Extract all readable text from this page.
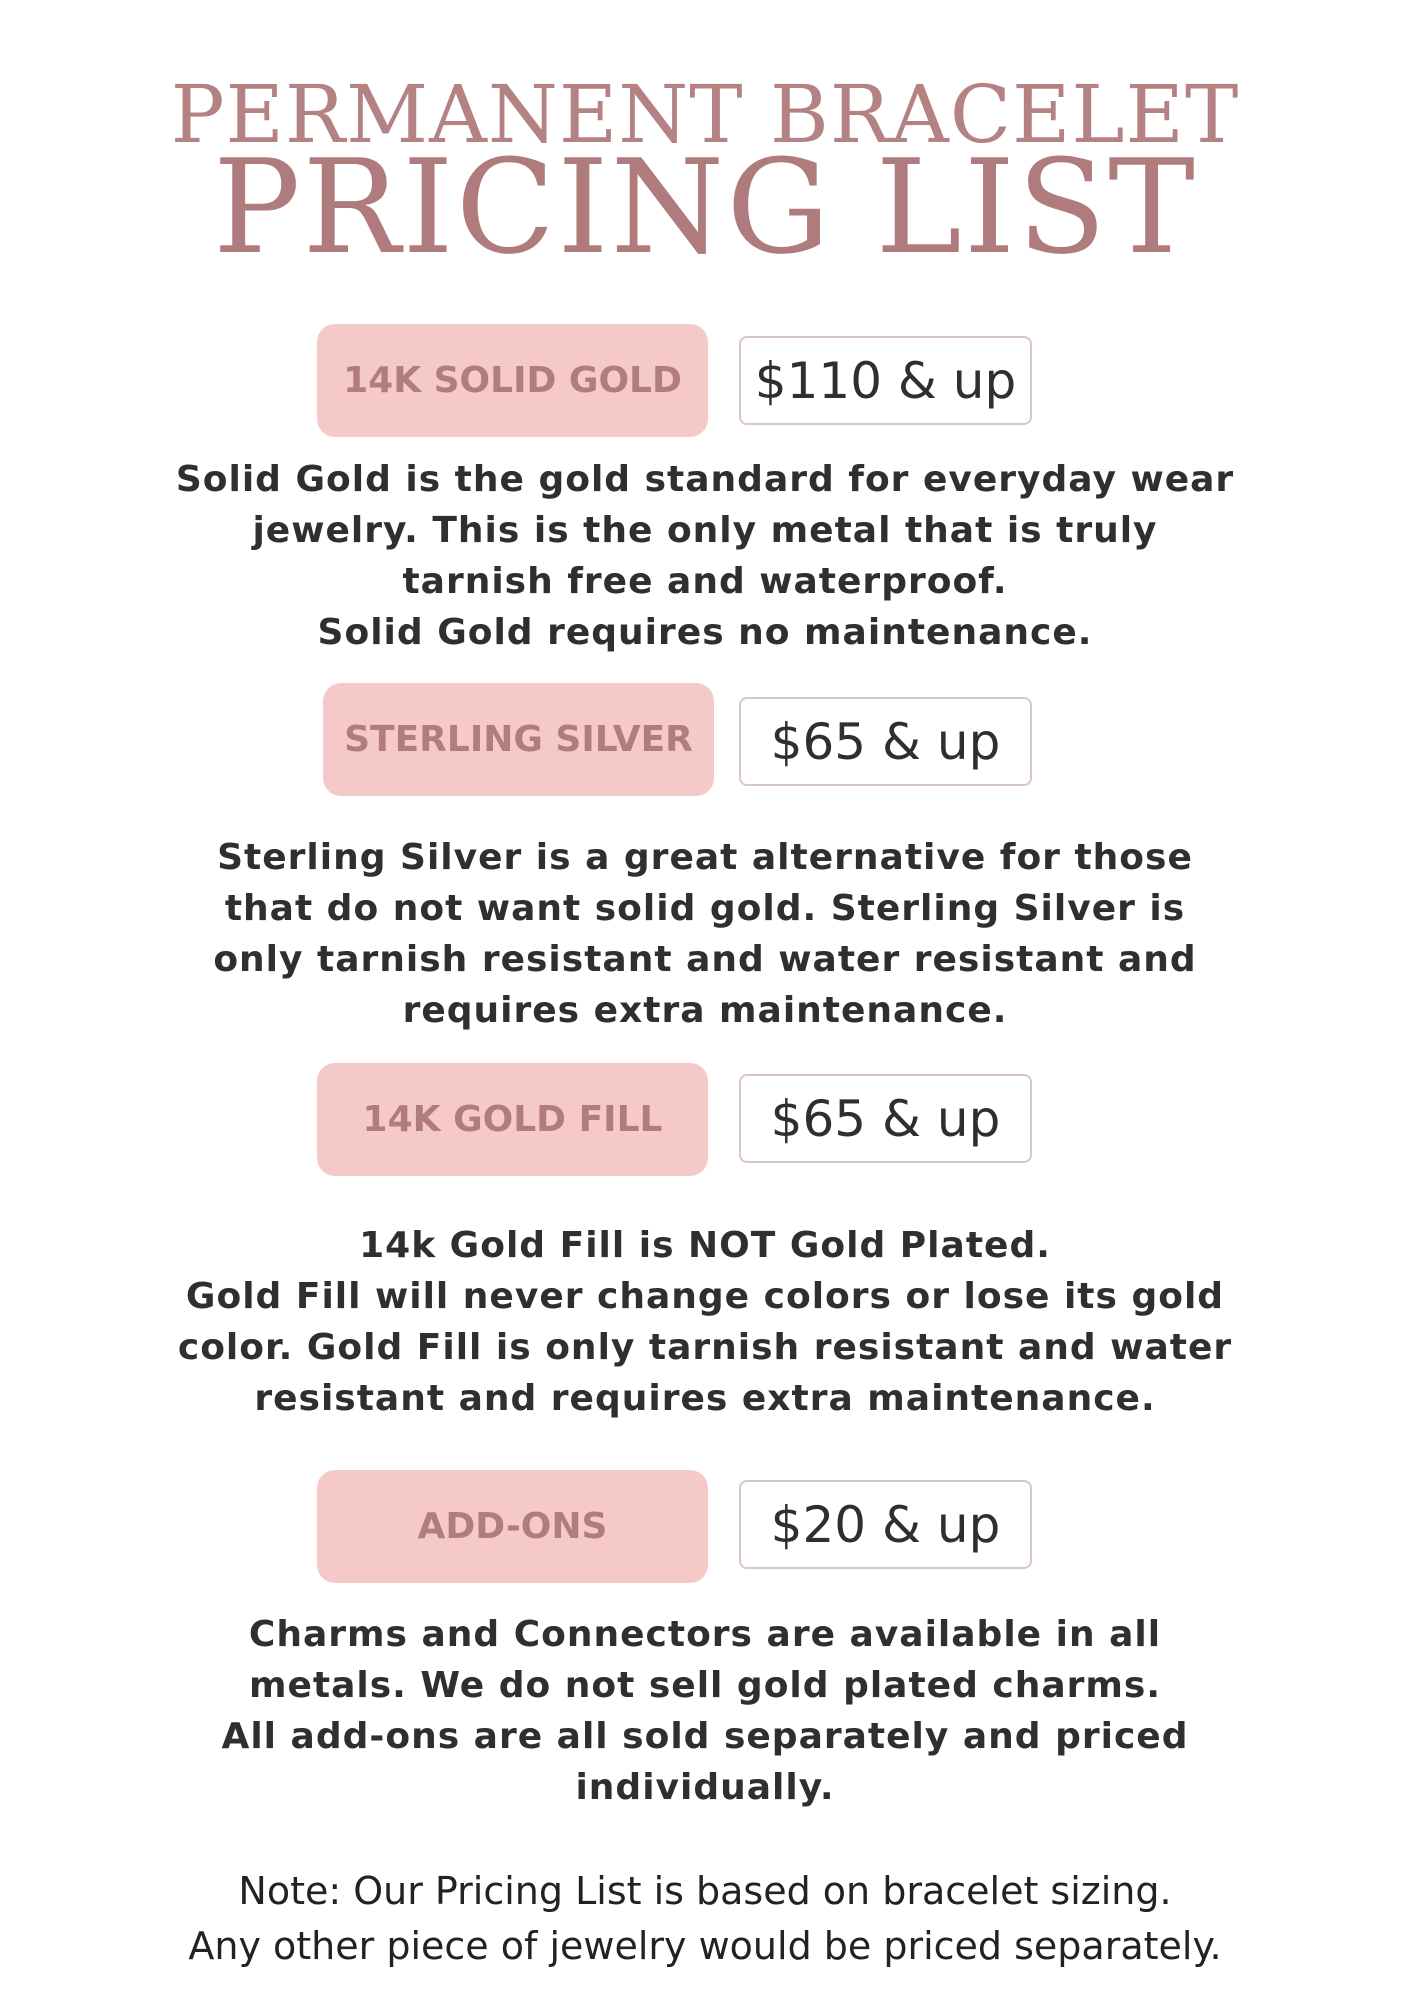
PERMANENT BRACELET
PRICING LIST
14K SOLID GOLD	$110 & up
Solid Gold is the gold standard for everyday wear
jewelry. This is the only metal that is truly
tarnish free and waterproof.
Solid Gold requires no maintenance.
STERLING SILVER	$65 & up
Sterling Silver is a great alternative for those
that do not want solid gold. Sterling Silver is
only tarnish resistant and water resistant and
requires extra maintenance.
14K GOLD FILL	$65 & up
14k Gold Fill is NOT Gold Plated.
Gold Fill will never change colors or lose its gold
color. Gold Fill is only tarnish resistant and water
resistant and requires extra maintenance.
ADD-ONS	$20 & up
Charms and Connectors are available in all
metals. We do not sell gold plated charms.
All add-ons are all sold separately and priced
individually.
Note: Our Pricing List is based on bracelet sizing.
Any other piece of jewelry would be priced separately.
